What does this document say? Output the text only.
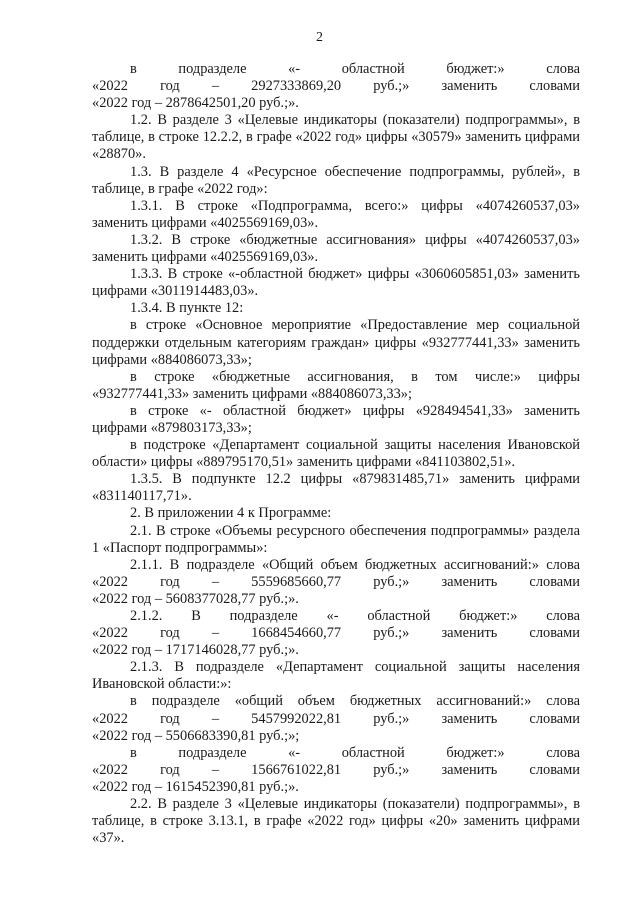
2

в подразделе «- областной бюджет:» слова
«2022 год – 2927333869,20 руб.;» заменить словами
«2022 год – 2878642501,20 руб.;».

1.2. В разделе 3 «Целевые индикаторы (показатели) подпрограммы», в таблице, в строке 12.2.2, в графе «2022 год» цифры «30579» заменить цифрами «28870».

1.3. В разделе 4 «Ресурсное обеспечение подпрограммы, рублей», в таблице, в графе «2022 год»:

1.3.1. В строке «Подпрограмма, всего:» цифры «4074260537,03» заменить цифрами «4025569169,03».

1.3.2. В строке «бюджетные ассигнования» цифры «4074260537,03» заменить цифрами «4025569169,03».

1.3.3. В строке «-областной бюджет» цифры «3060605851,03» заменить цифрами «3011914483,03».

1.3.4. В пункте 12:

в строке «Основное мероприятие «Предоставление мер социальной поддержки отдельным категориям граждан» цифры «932777441,33» заменить цифрами «884086073,33»;

в строке «бюджетные ассигнования, в том числе:» цифры «932777441,33» заменить цифрами «884086073,33»;

в строке «- областной бюджет» цифры «928494541,33» заменить цифрами «879803173,33»;

в подстроке «Департамент социальной защиты населения Ивановской области» цифры «889795170,51» заменить цифрами «841103802,51».

1.3.5. В подпункте 12.2 цифры «879831485,71» заменить цифрами «831140117,71».

2. В приложении 4 к Программе:

2.1. В строке «Объемы ресурсного обеспечения подпрограммы» раздела 1 «Паспорт подпрограммы»:

2.1.1. В подразделе «Общий объем бюджетных ассигнований:» слова
«2022 год – 5559685660,77 руб.;» заменить словами
«2022 год – 5608377028,77 руб.;».

2.1.2. В подразделе «- областной бюджет:» слова
«2022 год – 1668454660,77 руб.;» заменить словами
«2022 год – 1717146028,77 руб.;».

2.1.3. В подразделе «Департамент социальной защиты населения Ивановской области:»:

в подразделе «общий объем бюджетных ассигнований:» слова
«2022 год – 5457992022,81 руб.;» заменить словами
«2022 год – 5506683390,81 руб.;»;

в подразделе «- областной бюджет:» слова
«2022 год – 1566761022,81 руб.;» заменить словами
«2022 год – 1615452390,81 руб.;».

2.2. В разделе 3 «Целевые индикаторы (показатели) подпрограммы», в таблице, в строке 3.13.1, в графе «2022 год» цифры «20» заменить цифрами «37».
